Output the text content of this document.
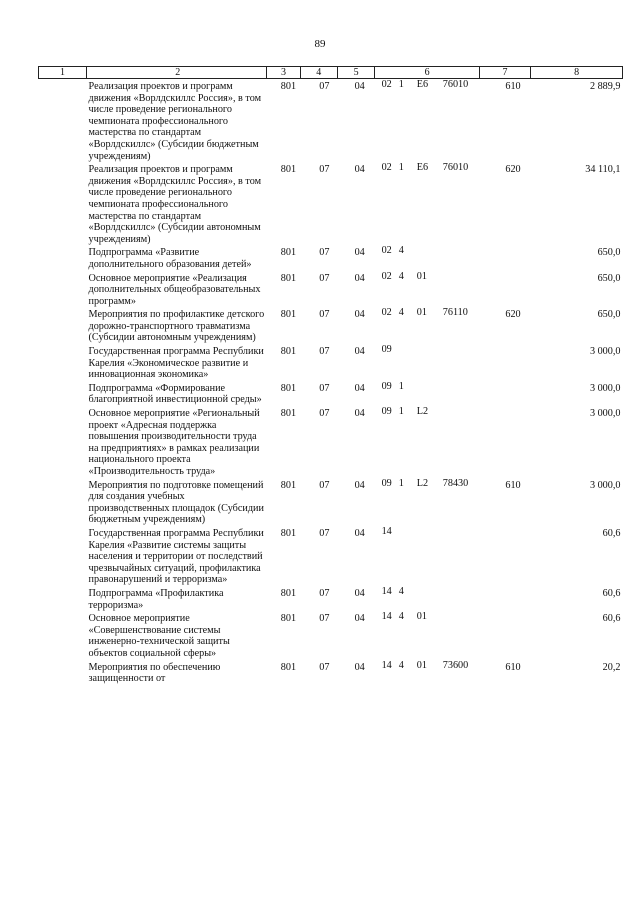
89
1	2	3	4	5	6	7	8
	Реализация проектов и программ движения «Ворлдскиллс Россия», в том числе проведение регионального чемпионата профессионального мастерства по стандартам «Ворлдскиллс» (Субсидии бюджетным учреждениям)	801	07	04	02 1 E6 76010	610	2 889,9
	Реализация проектов и программ движения «Ворлдскиллс Россия», в том числе проведение регионального чемпионата профессионального мастерства по стандартам «Ворлдскиллс» (Субсидии автономным учреждениям)	801	07	04	02 1 E6 76010	620	34 110,1
	Подпрограмма «Развитие дополнительного образования детей»	801	07	04	02 4		650,0
	Основное мероприятие «Реализация дополнительных общеобразовательных программ»	801	07	04	02 4 01		650,0
	Мероприятия по профилактике детского дорожно-транспортного травматизма (Субсидии автономным учреждениям)	801	07	04	02 4 01 76110	620	650,0
	Государственная программа Республики Карелия «Экономическое развитие и инновационная экономика»	801	07	04	09		3 000,0
	Подпрограмма «Формирование благоприятной инвестиционной среды»	801	07	04	09 1		3 000,0
	Основное мероприятие «Региональный проект «Адресная поддержка повышения производительности труда на предприятиях» в рамках реализации национального проекта «Производительность труда»	801	07	04	09 1 L2		3 000,0
	Мероприятия по подготовке помещений для создания учебных производственных площадок (Субсидии бюджетным учреждениям)	801	07	04	09 1 L2 78430	610	3 000,0
	Государственная программа Республики Карелия «Развитие системы защиты населения и территории от последствий чрезвычайных ситуаций, профилактика правонарушений и терроризма»	801	07	04	14		60,6
	Подпрограмма «Профилактика терроризма»	801	07	04	14 4		60,6
	Основное мероприятие «Совершенствование системы инженерно-технической защиты объектов социальной сферы»	801	07	04	14 4 01		60,6
	Мероприятия по обеспечению защищенности от	801	07	04	14 4 01 73600	610	20,2
